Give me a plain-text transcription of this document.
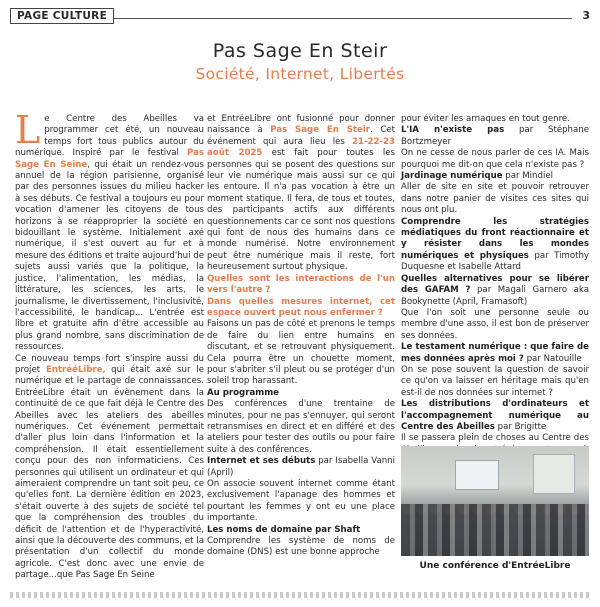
PAGE CULTURE	3
Pas Sage En Steir
Société, Internet, Libertés

Le Centre des Abeilles va programmer cet été, un nouveau temps fort tous publics autour du numérique. Inspiré par le festival Pas Sage En Seine, qui était un rendez-vous annuel de la région parisienne, organisé par des personnes issues du milieu hacker à ses débuts. Ce festival a toujours eu pour vocation d'amener les citoyens de tous horizons à se réapproprier la société en bidouillant le système. Initialement axé numérique, il s'est ouvert au fur et à mesure des éditions et traite aujourd'hui de sujets aussi variés que la politique, la justice, l'alimentation, les médias, la littérature, les sciences, les arts, le journalisme, le divertissement, l'inclusivité, l'accessibilité, le handicap... L'entrée est libre et gratuite afin d'être accessible au plus grand nombre, sans discrimination de ressources.

Ce nouveau temps fort s'inspire aussi du projet EntrééLibre, qui était axé sur le numérique et le partage de connaissances. EntréeLibre était un évènement dans la continuité de ce que fait déjà le Centre des Abeilles avec les ateliers des abeilles numériques. Cet événement permettait d'aller plus loin dans l'information et la compréhension. Il était essentiellement conçu pour des non informaticiens. Ces personnes qui utilisent un ordinateur et qui aimeraient comprendre un tant soit peu, ce qu'elles font. La dernière édition en 2023, s'était ouverte à des sujets de société tel que la compréhension des troubles du déficit de l'attention et de l'hyperactivité, ainsi que la découverte des communs, et la présentation d'un collectif du monde agricole. C'est donc avec une envie de partage...que Pas Sage En Seine

et EntréeLibre ont fusionné pour donner naissance à Pas Sage En Steir. Cet événement qui aura lieu les 21-22-23 août 2025 est fait pour toutes les personnes qui se posent des questions sur leur vie numérique mais aussi sur ce qui les entoure. Il n'a pas vocation à être un moment statique. Il fera, de tous et toutes, des participants actifs aux différents questionnements car ce sont nos questions qui font de nous des humains dans ce monde numérisé. Notre environnement peut être numérique mais il reste, fort heureusement surtout physique.

Quelles sont les interactions de l'un vers l'autre ?

Dans quelles mesures internet, cet espace ouvert peut nous enfermer ?

Faisons un pas de côté et prenons le temps de faire du lien entre humains en discutant, et se retrouvant physiquement. Cela pourra être un chouette moment, pour s'abriter s'il pleut ou se protéger d'un soleil trop harassant.

Au programme

Des conférences d'une trentaine de minutes, pour ne pas s'ennuyer, qui seront retransmises en direct et en différé et des ateliers pour tester des outils ou pour faire suite à des conférences.

Internet et ses débuts par Isabella Vanni (April)

On associe souvent internet comme étant exclusivement l'apanage des hommes et pourtant les femmes y ont eu une place importante.

Les noms de domaine par Shaft

Comprendre les système de noms de domaine (DNS) est une bonne approche

pour éviter les arnaques en tout genre.

L'IA n'existe pas par Stéphane Bortzmeyer

On ne cesse de nous parler de ces IA. Mais pourquoi me dit-on que cela n'existe pas ?

Jardinage numérique par Mindiel

Aller de site en site et pouvoir retrouver dans notre panier de visites ces sites qui nous ont plu.

Comprendre les stratégies médiatiques du front réactionnaire et y résister dans les mondes numériques et physiques par Timothy Duquesne et Isabelle Attard

Quelles alternatives pour se libérer des GAFAM ? par Magali Garnero aka Bookynette (April, Framasoft)

Que l'on soit une personne seule ou membre d'une asso, il est bon de préserver ses données.

Le testament numérique : que faire de mes données après moi ? par Natouille

On se pose souvent la question de savoir ce qu'on va laisser en héritage mais qu'en est-il de nos données sur internet ?

Les distributions d'ordinateurs et l'accompagnement numérique au Centre des Abeilles par Brigitte

Il se passera plein de choses au Centre des

Une conférence d'EntréeLibre
